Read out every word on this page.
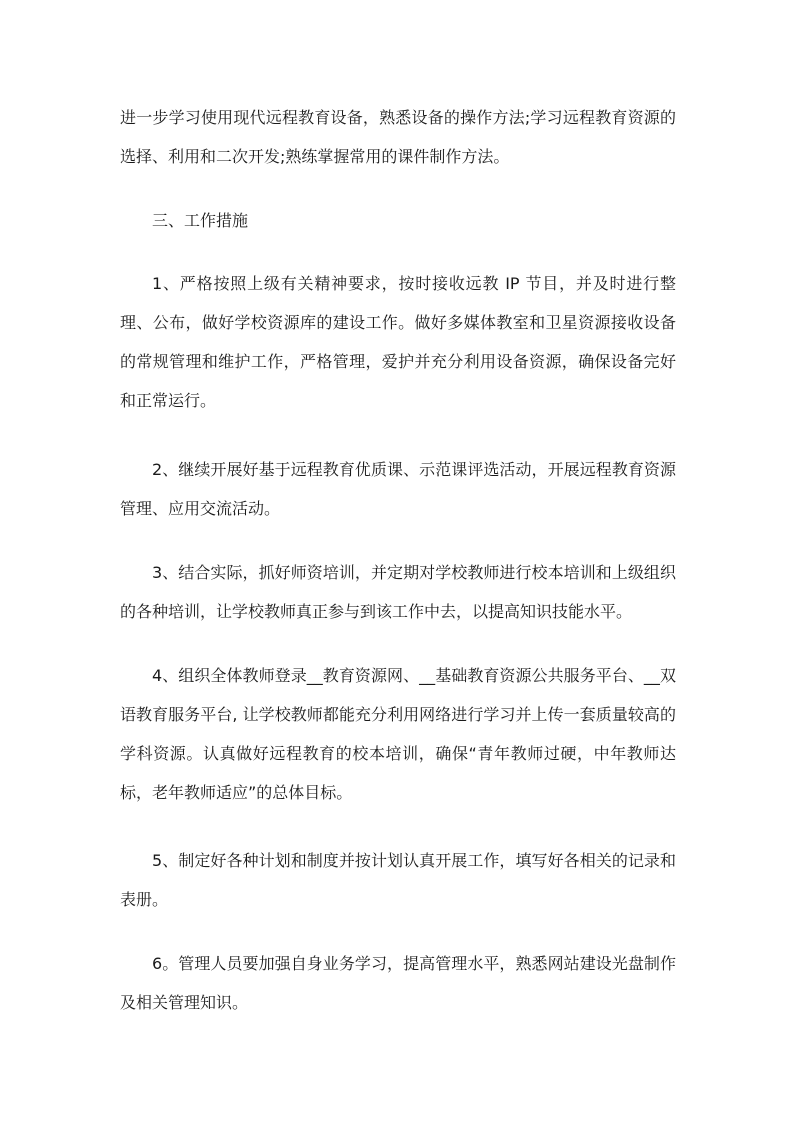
进一步学习使用现代远程教育设备，熟悉设备的操作方法;学习远程教育资源的选择、利用和二次开发;熟练掌握常用的课件制作方法。

三、工作措施

1、严格按照上级有关精神要求，按时接收远教 IP 节目，并及时进行整理、公布，做好学校资源库的建设工作。做好多媒体教室和卫星资源接收设备的常规管理和维护工作，严格管理，爱护并充分利用设备资源，确保设备完好和正常运行。

2、继续开展好基于远程教育优质课、示范课评选活动，开展远程教育资源管理、应用交流活动。

3、结合实际，抓好师资培训，并定期对学校教师进行校本培训和上级组织的各种培训，让学校教师真正参与到该工作中去，以提高知识技能水平。

4、组织全体教师登录__教育资源网、__基础教育资源公共服务平台、__双语教育服务平台, 让学校教师都能充分利用网络进行学习并上传一套质量较高的学科资源。认真做好远程教育的校本培训，确保“青年教师过硬，中年教师达标，老年教师适应”的总体目标。

5、制定好各种计划和制度并按计划认真开展工作，填写好各相关的记录和表册。

6。管理人员要加强自身业务学习，提高管理水平，熟悉网站建设光盘制作及相关管理知识。
